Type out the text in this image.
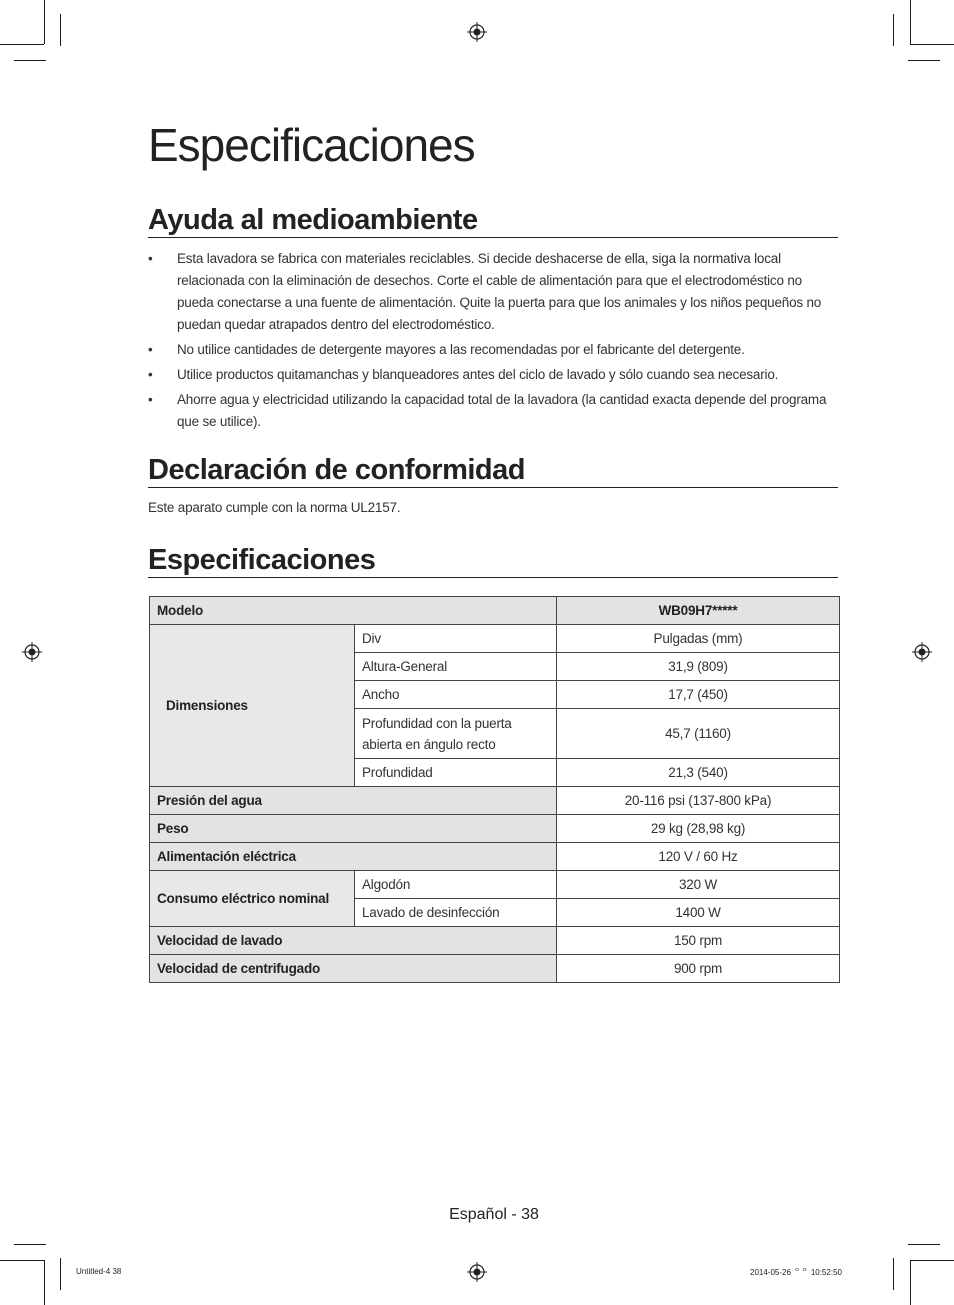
Especificaciones
Ayuda al medioambiente
• Esta lavadora se fabrica con materiales reciclables. Si decide deshacerse de ella, siga la normativa local relacionada con la eliminación de desechos. Corte el cable de alimentación para que el electrodoméstico no pueda conectarse a una fuente de alimentación. Quite la puerta para que los animales y los niños pequeños no puedan quedar atrapados dentro del electrodoméstico.
• No utilice cantidades de detergente mayores a las recomendadas por el fabricante del detergente.
• Utilice productos quitamanchas y blanqueadores antes del ciclo de lavado y sólo cuando sea necesario.
• Ahorre agua y electricidad utilizando la capacidad total de la lavadora (la cantidad exacta depende del programa que se utilice).
Declaración de conformidad
Este aparato cumple con la norma UL2157.
Especificaciones
Modelo		WB09H7*****
Dimensiones	Div	Pulgadas (mm)
	Altura-General	31,9 (809)
	Ancho	17,7 (450)
	Profundidad con la puerta abierta en ángulo recto	45,7 (1160)
	Profundidad	21,3 (540)
Presión del agua		20-116 psi (137-800 kPa)
Peso		29 kg (28,98 kg)
Alimentación eléctrica		120 V / 60 Hz
Consumo eléctrico nominal	Algodón	320 W
	Lavado de desinfección	1400 W
Velocidad de lavado		150 rpm
Velocidad de centrifugado		900 rpm
Español - 38
Untitled-4 38	2014-05-26 ᄋᄋ 10:52:50
